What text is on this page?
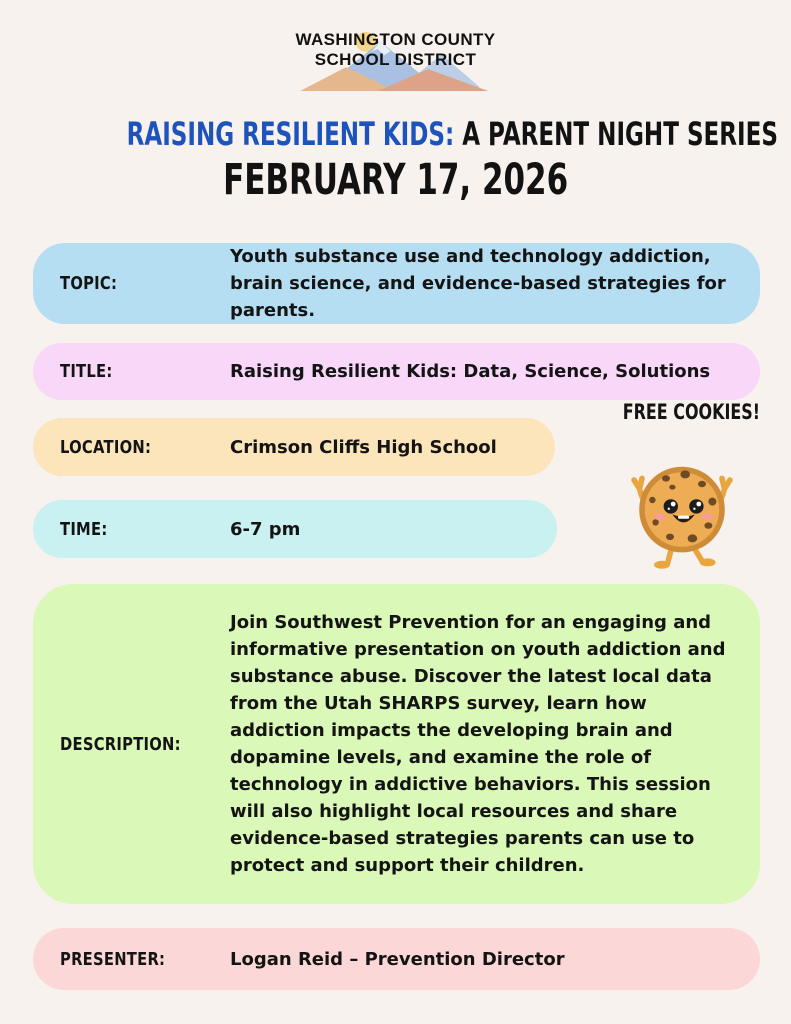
WASHINGTON COUNTY
SCHOOL DISTRICT
RAISING RESILIENT KIDS: A PARENT NIGHT SERIES
FEBRUARY 17, 2026
TOPIC:
Youth substance use and technology addiction, brain science, and evidence-based strategies for parents.
TITLE:	Raising Resilient Kids: Data, Science, Solutions
LOCATION:	Crimson Cliffs High School
TIME:	6-7 pm
DESCRIPTION:
Join Southwest Prevention for an engaging and informative presentation on youth addiction and substance abuse. Discover the latest local data from the Utah SHARPS survey, learn how addiction impacts the developing brain and dopamine levels, and examine the role of technology in addictive behaviors. This session will also highlight local resources and share evidence-based strategies parents can use to protect and support their children.
PRESENTER:	Logan Reid – Prevention Director
FREE COOKIES!
